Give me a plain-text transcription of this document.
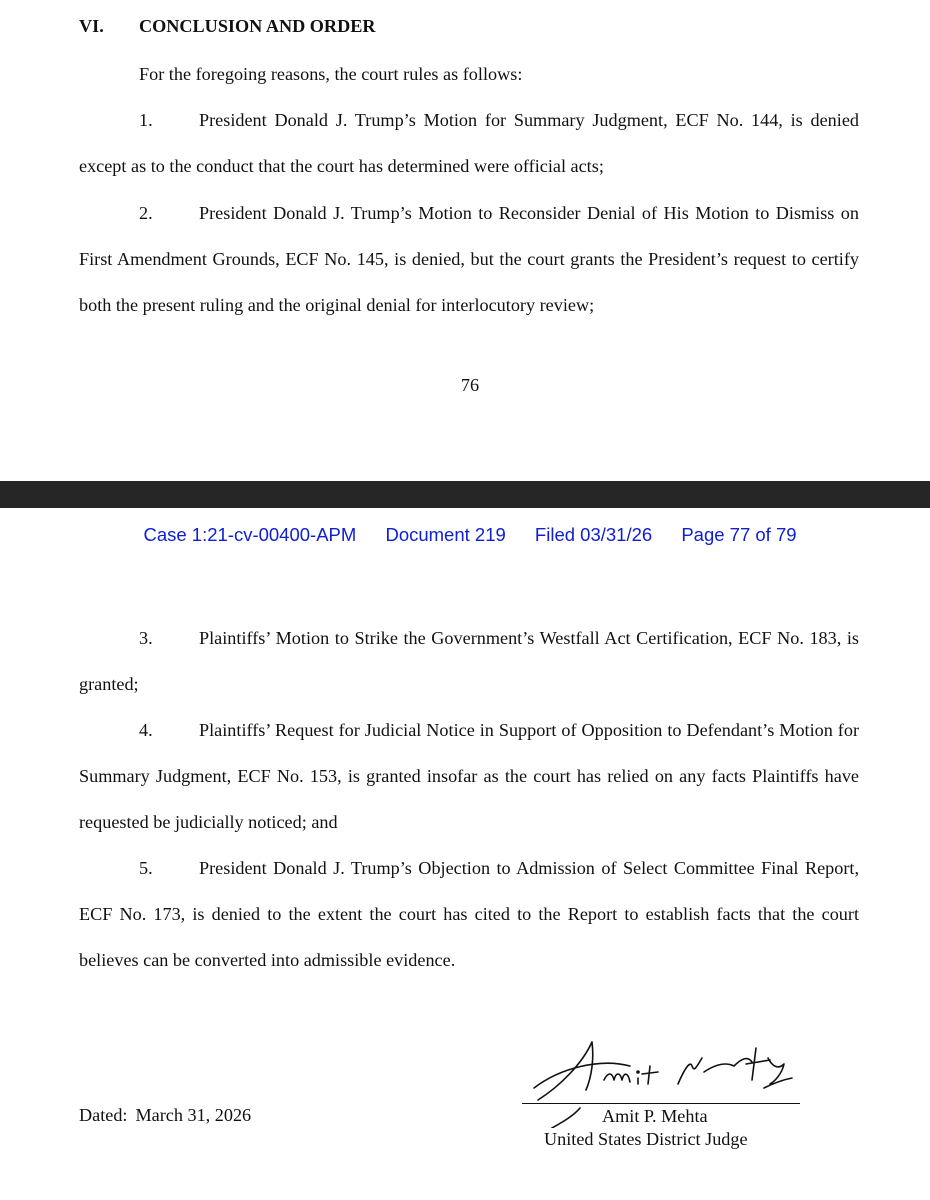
VI. CONCLUSION AND ORDER

For the foregoing reasons, the court rules as follows:

1.	President Donald J. Trump’s Motion for Summary Judgment, ECF No. 144, is denied except as to the conduct that the court has determined were official acts;

2.	President Donald J. Trump’s Motion to Reconsider Denial of His Motion to Dismiss on First Amendment Grounds, ECF No. 145, is denied, but the court grants the President’s request to certify both the present ruling and the original denial for interlocutory review;

76
Case 1:21-cv-00400-APM Document 219 Filed 03/31/26 Page 77 of 79

3.	Plaintiffs’ Motion to Strike the Government’s Westfall Act Certification, ECF No. 183, is granted;

4.	Plaintiffs’ Request for Judicial Notice in Support of Opposition to Defendant’s Motion for Summary Judgment, ECF No. 153, is granted insofar as the court has relied on any facts Plaintiffs have requested be judicially noticed; and

5.	President Donald J. Trump’s Objection to Admission of Select Committee Final Report, ECF No. 173, is denied to the extent the court has cited to the Report to establish facts that the court believes can be converted into admissible evidence.

Dated: March 31, 2026	Amit P. Mehta
United States District Judge
